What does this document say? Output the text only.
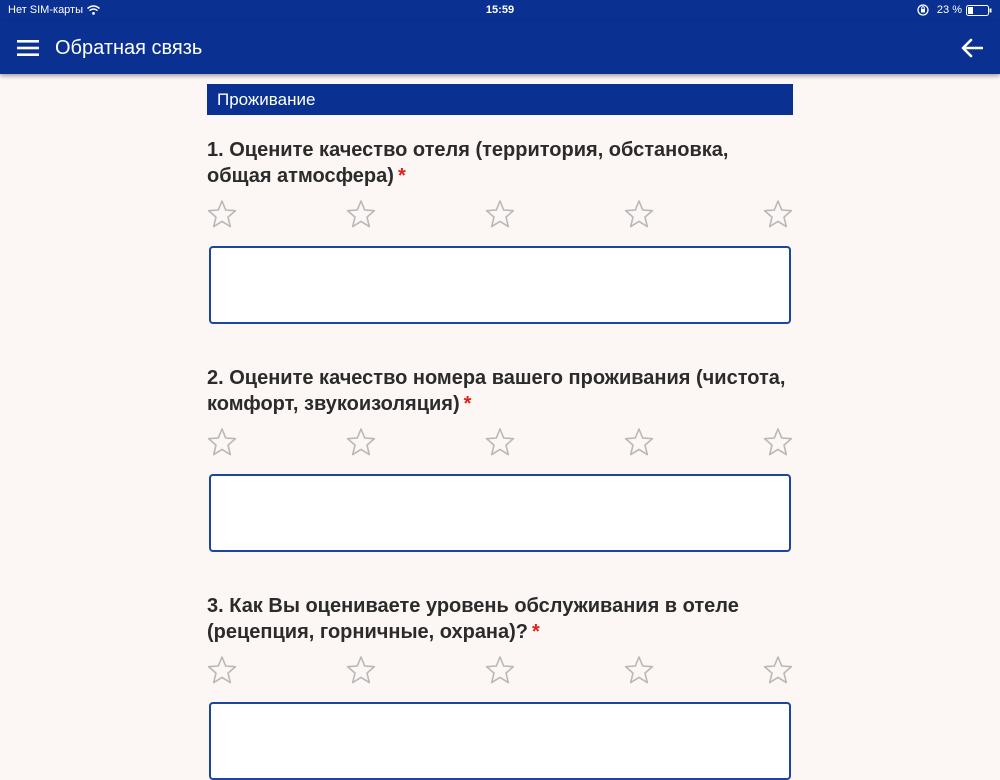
Нет SIM-карты	15:59	23 %
Обратная связь
Проживание

1. Оцените качество отеля (территория, обстановка, общая атмосфера) *

2. Оцените качество номера вашего проживания (чистота, комфорт, звукоизоляция) *

3. Как Вы оцениваете уровень обслуживания в отеле (рецепция, горничные, охрана)? *
